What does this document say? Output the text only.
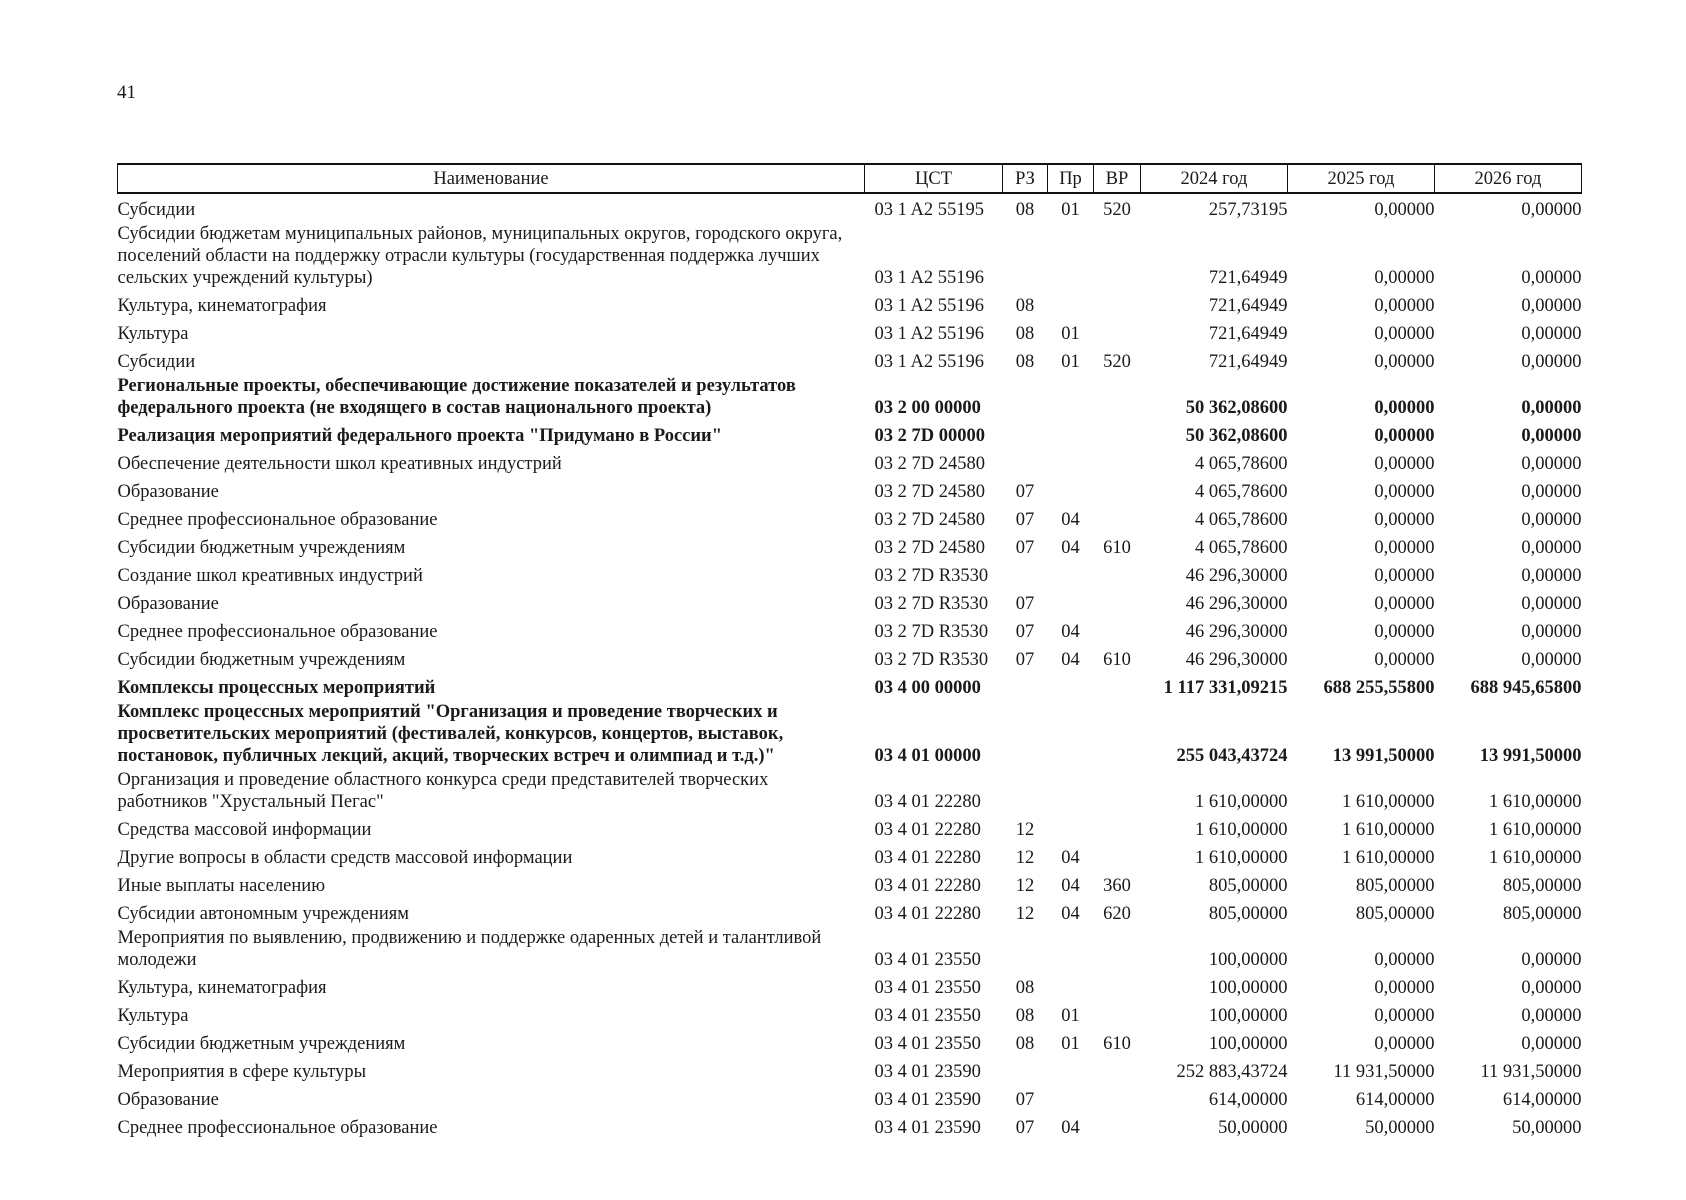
41
Наименование	ЦСТ	РЗ	Пр	ВР	2024 год	2025 год	2026 год
Субсидии	03 1 A2 55195	08	01	520	257,73195	0,00000	0,00000
Субсидии бюджетам муниципальных районов, муниципальных округов, городского округа, поселений области на поддержку отрасли культуры (государственная поддержка лучших сельских учреждений культуры)	03 1 A2 55196				721,64949	0,00000	0,00000
Культура, кинематография	03 1 A2 55196	08			721,64949	0,00000	0,00000
Культура	03 1 A2 55196	08	01		721,64949	0,00000	0,00000
Субсидии	03 1 A2 55196	08	01	520	721,64949	0,00000	0,00000
Региональные проекты, обеспечивающие достижение показателей и результатов федерального проекта (не входящего в состав национального проекта)	03 2 00 00000				50 362,08600	0,00000	0,00000
Реализация мероприятий федерального проекта "Придумано в России"	03 2 7D 00000				50 362,08600	0,00000	0,00000
Обеспечение деятельности школ креативных индустрий	03 2 7D 24580				4 065,78600	0,00000	0,00000
Образование	03 2 7D 24580	07			4 065,78600	0,00000	0,00000
Среднее профессиональное образование	03 2 7D 24580	07	04		4 065,78600	0,00000	0,00000
Субсидии бюджетным учреждениям	03 2 7D 24580	07	04	610	4 065,78600	0,00000	0,00000
Создание школ креативных индустрий	03 2 7D R3530				46 296,30000	0,00000	0,00000
Образование	03 2 7D R3530	07			46 296,30000	0,00000	0,00000
Среднее профессиональное образование	03 2 7D R3530	07	04		46 296,30000	0,00000	0,00000
Субсидии бюджетным учреждениям	03 2 7D R3530	07	04	610	46 296,30000	0,00000	0,00000
Комплексы процессных мероприятий	03 4 00 00000				1 117 331,09215	688 255,55800	688 945,65800
Комплекс процессных мероприятий "Организация и проведение творческих и просветительских мероприятий (фестивалей, конкурсов, концертов, выставок, постановок, публичных лекций, акций, творческих встреч и олимпиад и т.д.)"	03 4 01 00000				255 043,43724	13 991,50000	13 991,50000
Организация и проведение областного конкурса среди представителей творческих работников "Хрустальный Пегас"	03 4 01 22280				1 610,00000	1 610,00000	1 610,00000
Средства массовой информации	03 4 01 22280	12			1 610,00000	1 610,00000	1 610,00000
Другие вопросы в области средств массовой информации	03 4 01 22280	12	04		1 610,00000	1 610,00000	1 610,00000
Иные выплаты населению	03 4 01 22280	12	04	360	805,00000	805,00000	805,00000
Субсидии автономным учреждениям	03 4 01 22280	12	04	620	805,00000	805,00000	805,00000
Мероприятия по выявлению, продвижению и поддержке одаренных детей и талантливой молодежи	03 4 01 23550				100,00000	0,00000	0,00000
Культура, кинематография	03 4 01 23550	08			100,00000	0,00000	0,00000
Культура	03 4 01 23550	08	01		100,00000	0,00000	0,00000
Субсидии бюджетным учреждениям	03 4 01 23550	08	01	610	100,00000	0,00000	0,00000
Мероприятия в сфере культуры	03 4 01 23590				252 883,43724	11 931,50000	11 931,50000
Образование	03 4 01 23590	07			614,00000	614,00000	614,00000
Среднее профессиональное образование	03 4 01 23590	07	04		50,00000	50,00000	50,00000
